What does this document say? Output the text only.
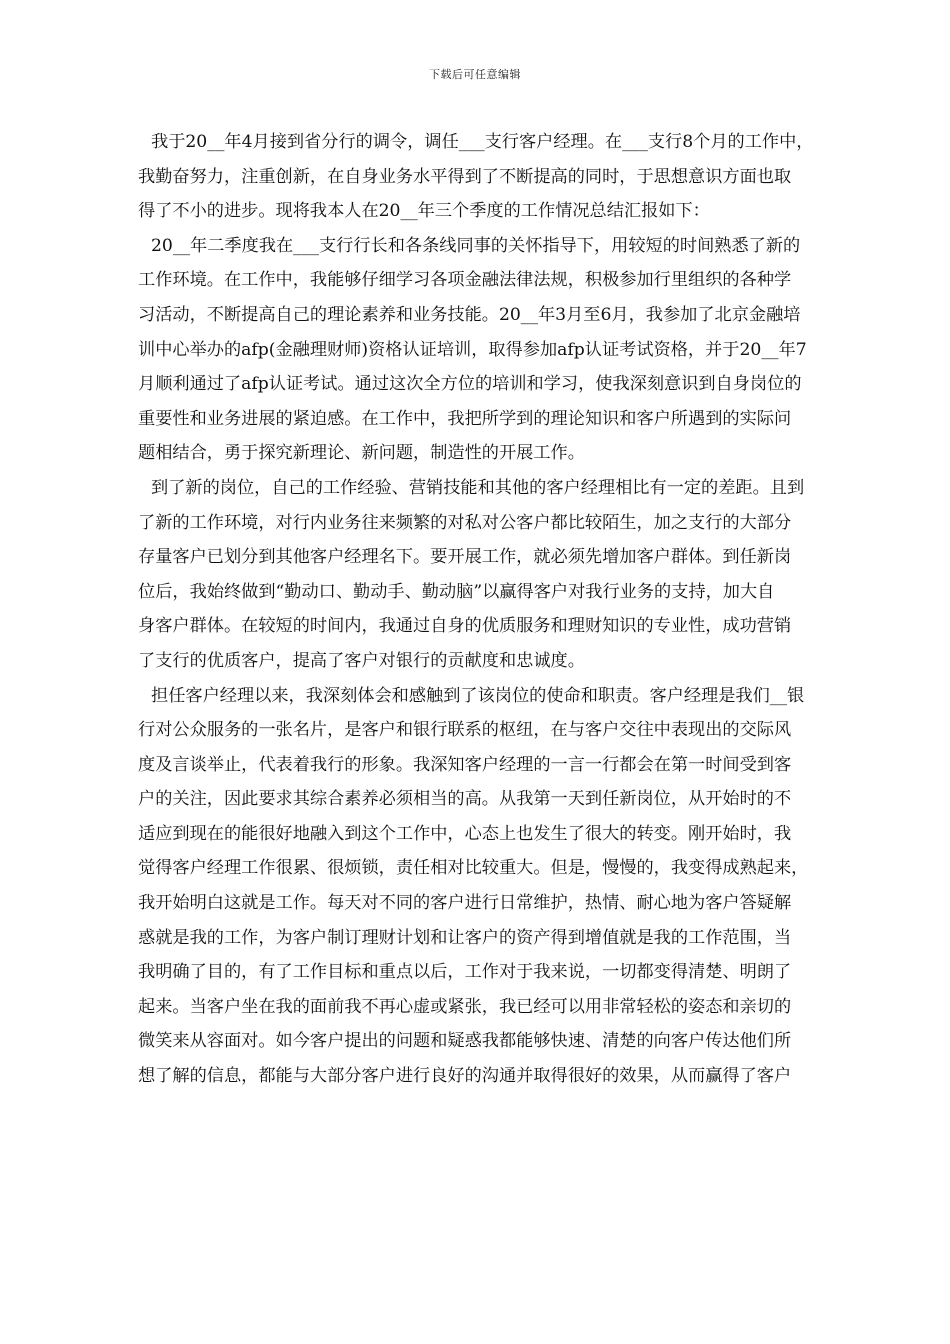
下载后可任意编辑
我于20__年4月接到省分行的调令，调任___支行客户经理。在___支行8个月的工作中，
我勤奋努力，注重创新，在自身业务水平得到了不断提高的同时，于思想意识方面也取
得了不小的进步。现将我本人在20__年三个季度的工作情况总结汇报如下：
20__年二季度我在___支行行长和各条线同事的关怀指导下，用较短的时间熟悉了新的
工作环境。在工作中，我能够仔细学习各项金融法律法规，积极参加行里组织的各种学
习活动，不断提高自己的理论素养和业务技能。20__年3月至6月，我参加了北京金融培
训中心举办的afp(金融理财师)资格认证培训，取得参加afp认证考试资格，并于20__年7
月顺利通过了afp认证考试。通过这次全方位的培训和学习，使我深刻意识到自身岗位的
重要性和业务进展的紧迫感。在工作中，我把所学到的理论知识和客户所遇到的实际问
题相结合，勇于探究新理论、新问题，制造性的开展工作。
到了新的岗位，自己的工作经验、营销技能和其他的客户经理相比有一定的差距。且到
了新的工作环境，对行内业务往来频繁的对私对公客户都比较陌生，加之支行的大部分
存量客户已划分到其他客户经理名下。要开展工作，就必须先增加客户群体。到任新岗
位后，我始终做到“勤动口、勤动手、勤动脑”以赢得客户对我行业务的支持，加大自
身客户群体。在较短的时间内，我通过自身的优质服务和理财知识的专业性，成功营销
了支行的优质客户，提高了客户对银行的贡献度和忠诚度。
担任客户经理以来，我深刻体会和感触到了该岗位的使命和职责。客户经理是我们__银
行对公众服务的一张名片，是客户和银行联系的枢纽，在与客户交往中表现出的交际风
度及言谈举止，代表着我行的形象。我深知客户经理的一言一行都会在第一时间受到客
户的关注，因此要求其综合素养必须相当的高。从我第一天到任新岗位，从开始时的不
适应到现在的能很好地融入到这个工作中，心态上也发生了很大的转变。刚开始时，我
觉得客户经理工作很累、很烦锁，责任相对比较重大。但是，慢慢的，我变得成熟起来，
我开始明白这就是工作。每天对不同的客户进行日常维护，热情、耐心地为客户答疑解
惑就是我的工作，为客户制订理财计划和让客户的资产得到增值就是我的工作范围，当
我明确了目的，有了工作目标和重点以后，工作对于我来说，一切都变得清楚、明朗了
起来。当客户坐在我的面前我不再心虚或紧张，我已经可以用非常轻松的姿态和亲切的
微笑来从容面对。如今客户提出的问题和疑惑我都能够快速、清楚的向客户传达他们所
想了解的信息，都能与大部分客户进行良好的沟通并取得很好的效果，从而赢得了客户
